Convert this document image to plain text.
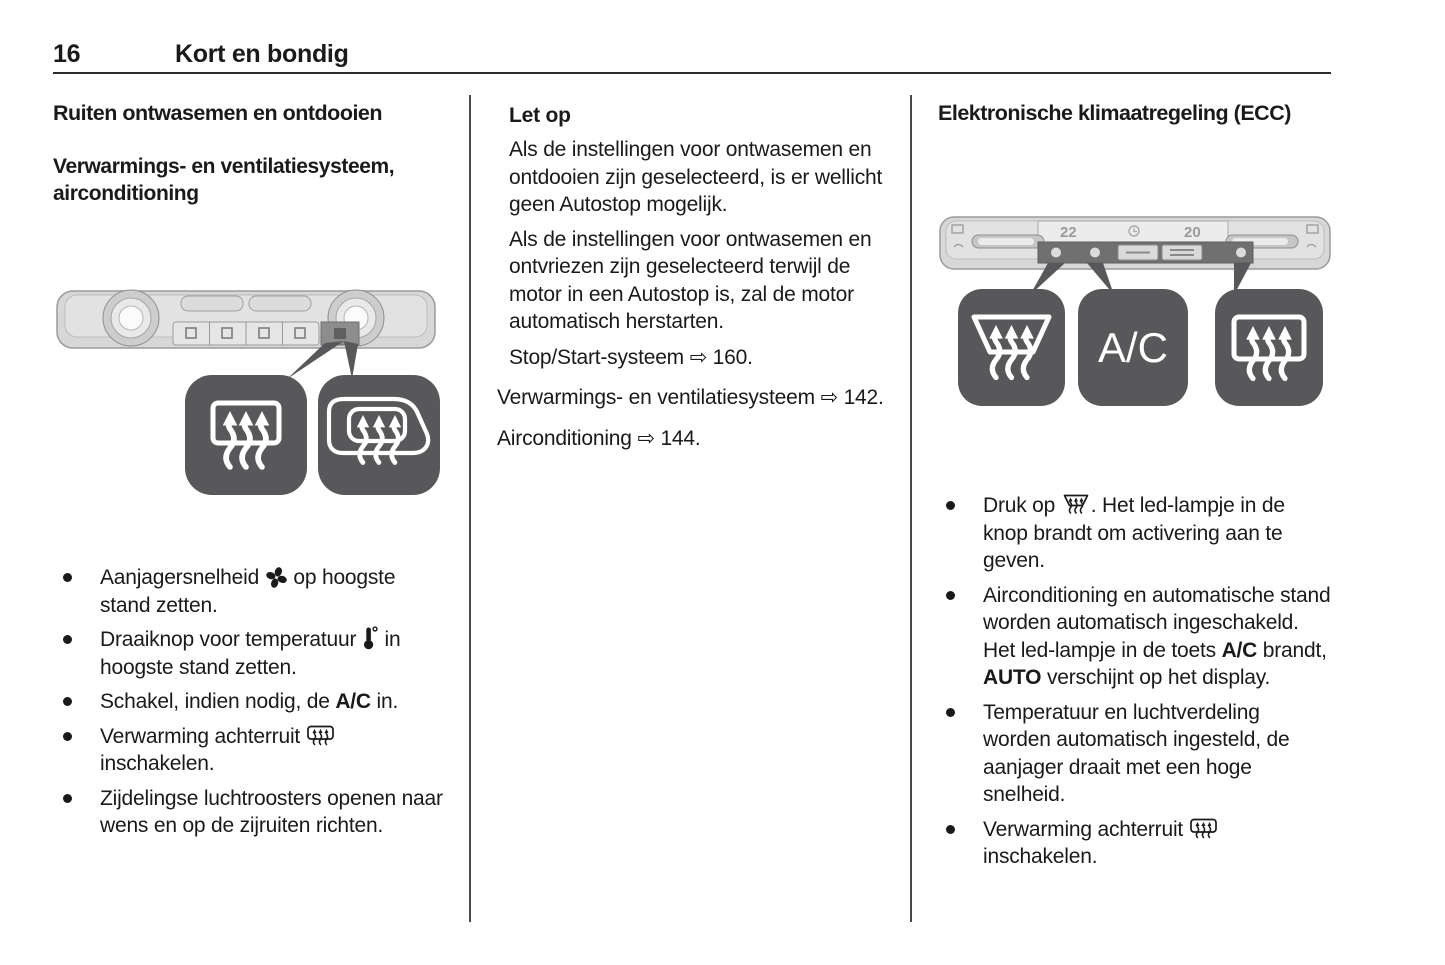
16	Kort en bondig
Ruiten ontwasemen en ontdooien
Verwarmings- en ventilatiesysteem, airconditioning
Aanjagersnelheid  op hoogste stand zetten.
Draaiknop voor temperatuur  in hoogste stand zetten.
Schakel, indien nodig, de A/C in.
Verwarming achterruit  inschakelen.
Zijdelingse luchtroosters openen naar wens en op de zijruiten richten.

Let op

Als de instellingen voor ontwasemen en ontdooien zijn geselecteerd, is er wellicht geen Autostop mogelijk.

Als de instellingen voor ontwasemen en ontvriezen zijn geselecteerd terwijl de motor in een Autostop is, zal de motor automatisch herstarten.

Stop/Start-systeem ⇨ 160.

Verwarmings- en ventilatiesysteem ⇨ 142.

Airconditioning ⇨ 144.

Elektronische klimaatregeling (ECC)
22	20
A/C
Druk op . Het led-lampje in de knop brandt om activering aan te geven.
Airconditioning en automatische stand worden automatisch ingeschakeld. Het led-lampje in de toets A/C brandt, AUTO verschijnt op het display.
Temperatuur en luchtverdeling worden automatisch ingesteld, de aanjager draait met een hoge snelheid.
Verwarming achterruit  inschakelen.
